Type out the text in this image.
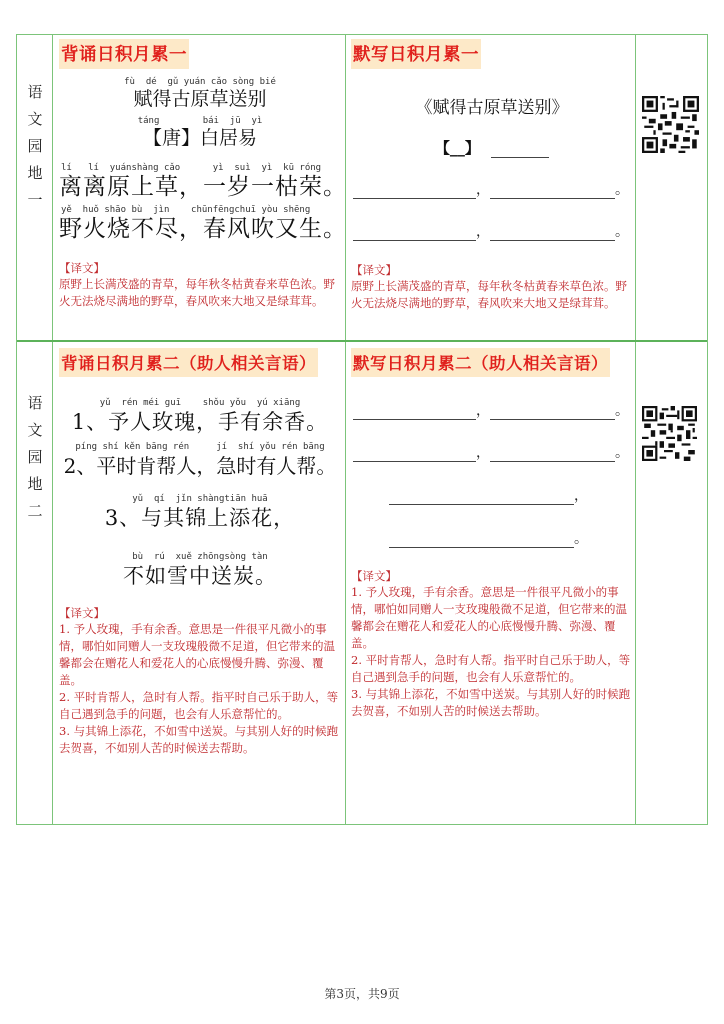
语
文
园
地
一
背诵日积月累一
fù  dé  gǔ yuán cǎo sòng bié
赋得古原草送别
táng        bái  jū  yì
【唐】白居易
lí   lí  yuánshàng cǎo      yì  suì  yì  kū róng
离离原上草，一岁一枯荣。
yě  huǒ shāo bù  jìn    chūnfēngchuī yòu shēng
野火烧不尽，春风吹又生。
【译文】
原野上长满茂盛的青草，每年秋冬枯黄春来草色浓。野火无法烧尽满地的野草，春风吹来大地又是绿茸茸。
默写日积月累一
《赋得古原草送别》
【__】
，	。
，	。
【译文】
原野上长满茂盛的青草，每年秋冬枯黄春来草色浓。野火无法烧尽满地的野草，春风吹来大地又是绿茸茸。
语
文
园
地
二
背诵日积月累二（助人相关言语）
yǔ  rén méi guī    shǒu yǒu  yú xiāng
1、予人玫瑰，手有余香。
píng shí kěn bāng rén     jí  shí yǒu rén bāng
2、平时肯帮人，急时有人帮。
yǔ  qí  jǐn shàngtiān huā
3、与其锦上添花，
bù  rú  xuě zhōngsòng tàn
不如雪中送炭。
【译文】
1. 予人玫瑰，手有余香。意思是一件很平凡微小的事情，哪怕如同赠人一支玫瑰般微不足道，但它带来的温馨都会在赠花人和爱花人的心底慢慢升腾、弥漫、覆盖。
2. 平时肯帮人，急时有人帮。指平时自己乐于助人，等自己遇到急手的问题，也会有人乐意帮忙的。
3. 与其锦上添花，不如雪中送炭。与其别人好的时候跑去贺喜，不如别人苦的时候送去帮助。
默写日积月累二（助人相关言语）
，	。
，	。
，
。
【译文】
1. 予人玫瑰，手有余香。意思是一件很平凡微小的事情，哪怕如同赠人一支玫瑰般微不足道，但它带来的温馨都会在赠花人和爱花人的心底慢慢升腾、弥漫、覆盖。
2. 平时肯帮人，急时有人帮。指平时自己乐于助人，等自己遇到急手的问题，也会有人乐意帮忙的。
3. 与其锦上添花，不如雪中送炭。与其别人好的时候跑去贺喜，不如别人苦的时候送去帮助。
第3页，共9页
